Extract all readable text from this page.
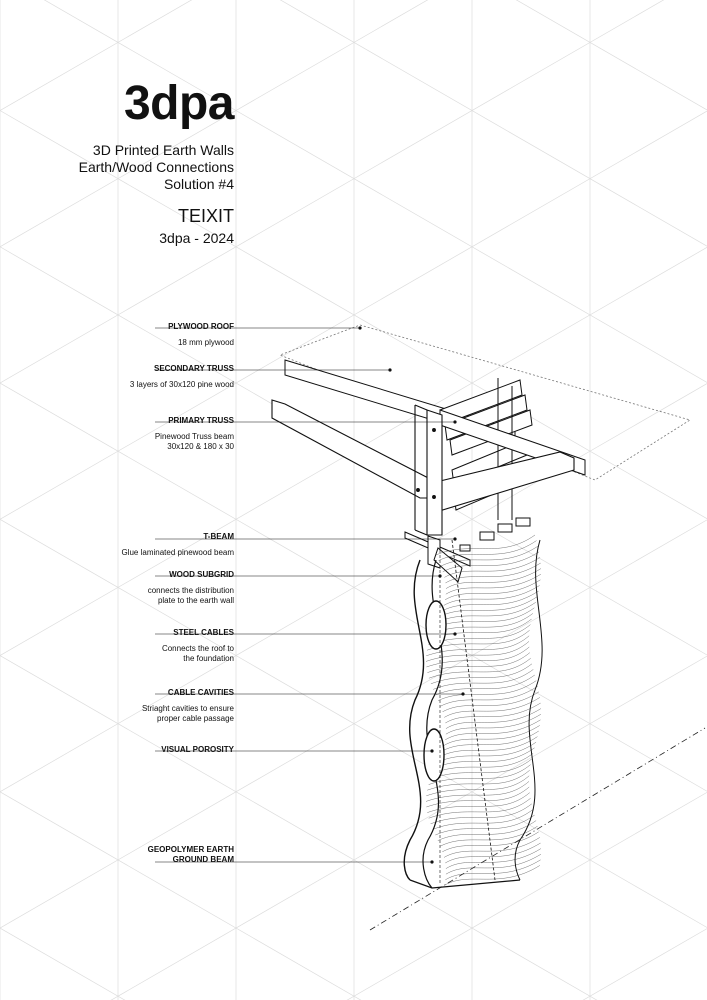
3dpa
3D Printed Earth Walls
Earth/Wood Connections
Solution #4
TEIXIT
3dpa - 2024
PLYWOOD ROOF
18 mm plywood
SECONDARY TRUSS
3 layers of 30x120 pine wood
PRIMARY TRUSS
Pinewood Truss beam
30x120 & 180 x 30
T-BEAM
Glue laminated pinewood beam
WOOD SUBGRID
connects the distribution
plate to the earth wall
STEEL CABLES
Connects the roof to
the foundation
CABLE CAVITIES
Striaght cavities to ensure
proper cable passage
VISUAL POROSITY
GEOPOLYMER EARTH
GROUND BEAM
